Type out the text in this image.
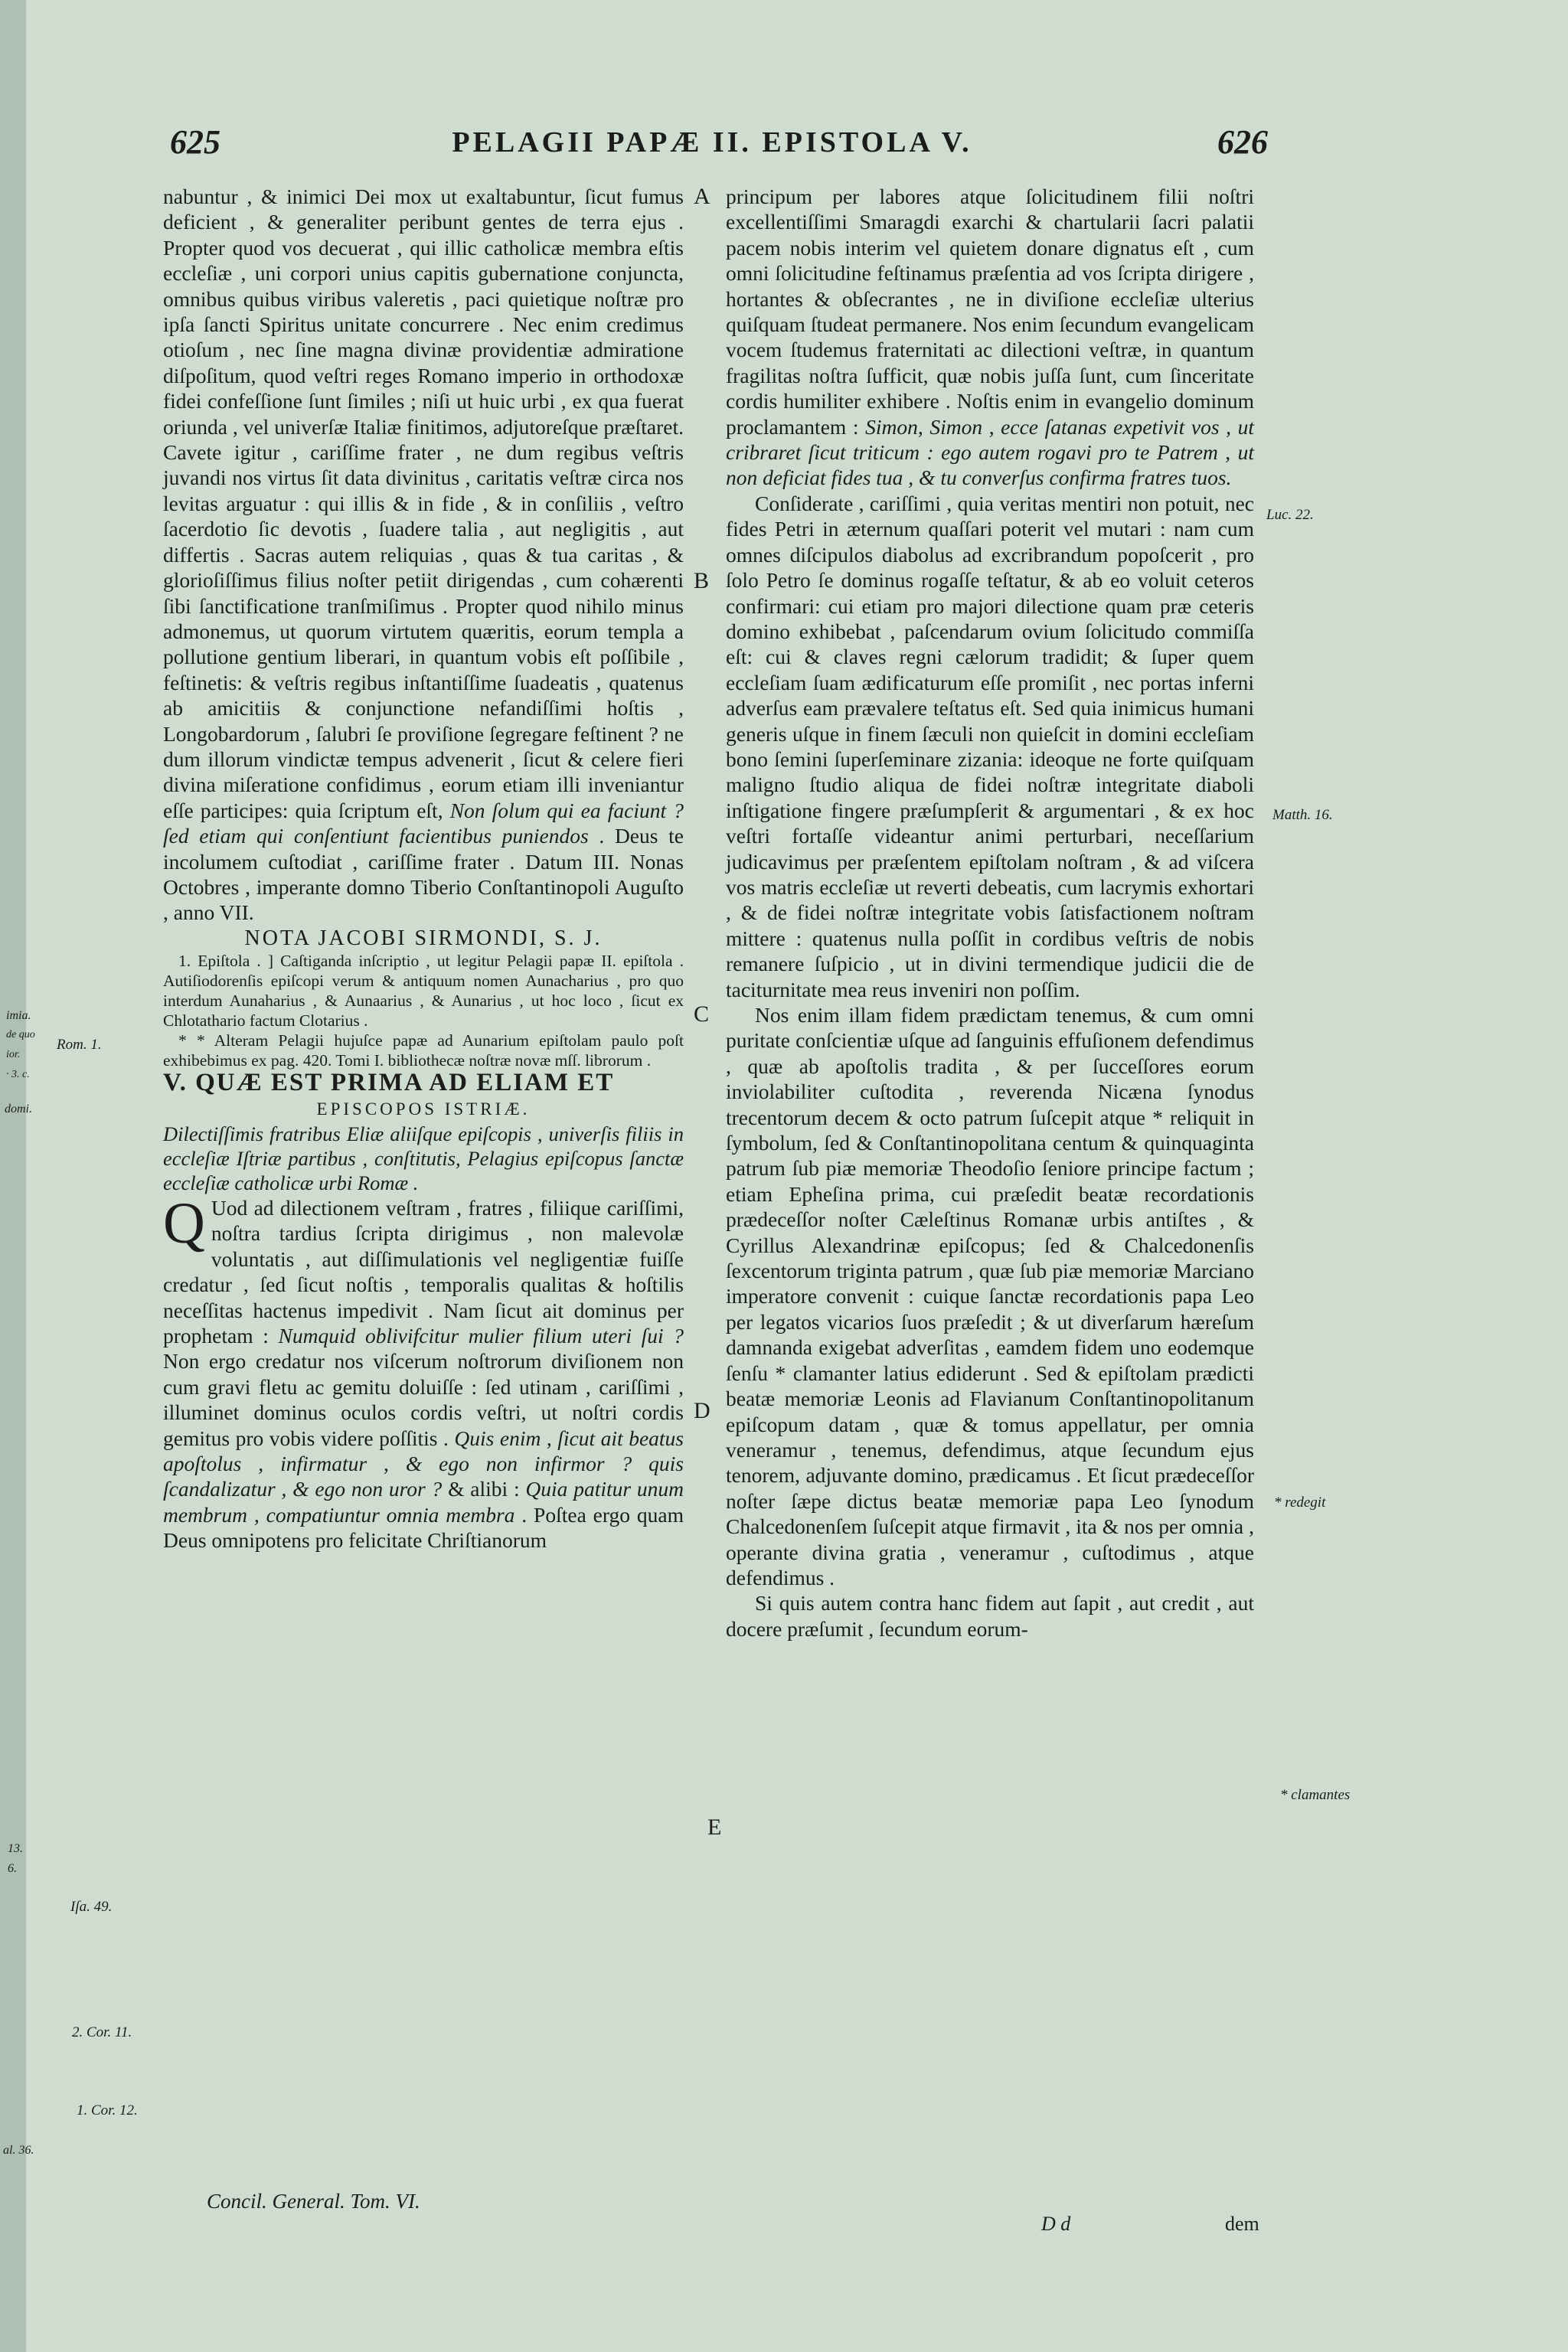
625	PELAGII PAPÆ II. EPISTOLA V.	626

nabuntur , & inimici Dei mox ut exaltabuntur, ſicut fumus deficient , & generaliter peribunt gentes de terra ejus . Propter quod vos decuerat , qui illic catholicæ membra eſtis eccleſiæ , uni corpori unius capitis gubernatione conjuncta, omnibus quibus viribus valeretis , paci quietique noſtræ pro ipſa ſancti Spiritus unitate concurrere . Nec enim credimus otioſum , nec ſine magna divinæ providentiæ admiratione diſpoſitum, quod veſtri reges Romano imperio in orthodoxæ fidei confeſſione ſunt ſimiles ; niſi ut huic urbi , ex qua fuerat oriunda , vel univerſæ Italiæ finitimos, adjutoreſque præſtaret. Cavete igitur , cariſſime frater , ne dum regibus veſtris juvandi nos virtus ſit data divinitus , caritatis veſtræ circa nos levitas arguatur : qui illis & in fide , & in conſiliis , veſtro ſacerdotio ſic devotis , ſuadere talia , aut negligitis , aut differtis . Sacras autem reliquias , quas & tua caritas , & glorioſiſſimus filius noſter petiit dirigendas , cum cohærenti ſibi ſanctificatione tranſmiſimus . Propter quod nihilo minus admonemus, ut quorum virtutem quæritis, eorum templa a pollutione gentium liberari, in quantum vobis eſt poſſibile , feſtinetis: & veſtris regibus inſtantiſſime ſuadeatis , quatenus ab amicitiis & conjunctione nefandiſſimi hoſtis , Longobardorum , ſalubri ſe proviſione ſegregare feſtinent ? ne dum illorum vindictæ tempus advenerit , ſicut & celere fieri divina miſeratione confidimus , eorum etiam illi inveniantur eſſe participes: quia ſcriptum eſt, Non ſolum qui ea faciunt ? ſed etiam qui conſentiunt facientibus puniendos . Deus te incolumem cuſtodiat , cariſſime frater . Datum III. Nonas Octobres , imperante domno Tiberio Conſtantinopoli Auguſto , anno VII.

NOTA JACOBI SIRMONDI, S. J.

1. Epiſtola . ] Caſtiganda inſcriptio , ut legitur Pelagii papæ II. epiſtola . Autiſiodorenſis epiſcopi verum & antiquum nomen Aunacharius , pro quo interdum Aunaharius , & Aunaarius , & Aunarius , ut hoc loco , ſicut ex Chlotathario factum Clotarius .

* * Alteram Pelagii hujuſce papæ ad Aunarium epiſtolam paulo poſt exhibebimus ex pag. 420. Tomi I. bibliothecæ noſtræ novæ mſſ. librorum .

V. QUÆ EST PRIMA AD ELIAM ET

EPISCOPOS ISTRIÆ.

Dilectiſſimis fratribus Eliæ aliiſque epiſcopis , univerſis filiis in eccleſiæ Iſtriæ partibus , conſtitutis, Pelagius epiſcopus ſanctæ eccleſiæ catholicæ urbi Romæ .

Q Uod ad dilectionem veſtram , fratres , filiique cariſſimi, noſtra tardius ſcripta dirigimus , non malevolæ voluntatis , aut diſſimulationis vel negligentiæ fuiſſe credatur , ſed ſicut noſtis , temporalis qualitas & hoſtilis neceſſitas hactenus impedivit . Nam ſicut ait dominus per prophetam : Numquid oblivifcitur mulier filium uteri ſui ? Non ergo credatur nos viſcerum noſtrorum diviſionem non cum gravi fletu ac gemitu doluiſſe : ſed utinam , cariſſimi , illuminet dominus oculos cordis veſtri, ut noſtri cordis gemitus pro vobis videre poſſitis . Quis enim , ſicut ait beatus apoſtolus , infirmatur , & ego non infirmor ? quis ſcandalizatur , & ego non uror ? & alibi : Quia patitur unum membrum , compatiuntur omnia membra . Poſtea ergo quam Deus omnipotens pro felicitate Chriſtianorum

principum per labores atque ſolicitudinem filii noſtri excellentiſſimi Smaragdi exarchi & chartularii ſacri palatii pacem nobis interim vel quietem donare dignatus eſt , cum omni ſolicitudine feſtinamus præſentia ad vos ſcripta dirigere , hortantes & obſecrantes , ne in diviſione eccleſiæ ulterius quiſquam ſtudeat permanere. Nos enim ſecundum evangelicam vocem ſtudemus fraternitati ac dilectioni veſtræ, in quantum fragilitas noſtra ſufficit, quæ nobis juſſa ſunt, cum ſinceritate cordis humiliter exhibere . Noſtis enim in evangelio dominum proclamantem : Simon, Simon , ecce ſatanas expetivit vos , ut cribraret ſicut triticum : ego autem rogavi pro te Patrem , ut non deficiat fides tua , & tu converſus confirma fratres tuos.

Conſiderate , cariſſimi , quia veritas mentiri non potuit, nec fides Petri in æternum quaſſari poterit vel mutari : nam cum omnes diſcipulos diabolus ad excribrandum popoſcerit , pro ſolo Petro ſe dominus rogaſſe teſtatur, & ab eo voluit ceteros confirmari: cui etiam pro majori dilectione quam præ ceteris domino exhibebat , paſcendarum ovium ſolicitudo commiſſa eſt: cui & claves regni cælorum tradidit; & ſuper quem eccleſiam ſuam ædificaturum eſſe promiſit , nec portas inferni adverſus eam prævalere teſtatus eſt. Sed quia inimicus humani generis uſque in finem ſæculi non quieſcit in domini eccleſiam bono ſemini ſuperſeminare zizania: ideoque ne forte quiſquam maligno ſtudio aliqua de fidei noſtræ integritate diaboli inſtigatione fingere præſumpſerit & argumentari , & ex hoc veſtri fortaſſe videantur animi perturbari, neceſſarium judicavimus per præſentem epiſtolam noſtram , & ad viſcera vos matris eccleſiæ ut reverti debeatis, cum lacrymis exhortari , & de fidei noſtræ integritate vobis ſatisfactionem noſtram mittere : quatenus nulla poſſit in cordibus veſtris de nobis remanere ſuſpicio , ut in divini termendique judicii die de taciturnitate mea reus inveniri non poſſim.

Nos enim illam fidem prædictam tenemus, & cum omni puritate conſcientiæ uſque ad ſanguinis effuſionem defendimus , quæ ab apoſtolis tradita , & per ſucceſſores eorum inviolabiliter cuſtodita , reverenda Nicæna ſynodus trecentorum decem & octo patrum ſuſcepit atque * reliquit in ſymbolum, ſed & Conſtantinopolitana centum & quinquaginta patrum ſub piæ memoriæ Theodoſio ſeniore principe factum ; etiam Epheſina prima, cui præſedit beatæ recordationis prædeceſſor noſter Cæleſtinus Romanæ urbis antiſtes , & Cyrillus Alexandrinæ epiſcopus; ſed & Chalcedonenſis ſexcentorum triginta patrum , quæ ſub piæ memoriæ Marciano imperatore convenit : cuique ſanctæ recordationis papa Leo per legatos vicarios ſuos præſedit ; & ut diverſarum hæreſum damnanda exigebat adverſitas , eamdem fidem uno eodemque ſenſu * clamanter latius ediderunt . Sed & epiſtolam prædicti beatæ memoriæ Leonis ad Flavianum Conſtantinopolitanum epiſcopum datam , quæ & tomus appellatur, per omnia veneramur , tenemus, defendimus, atque ſecundum ejus tenorem, adjuvante domino, prædicamus . Et ſicut prædeceſſor noſter ſæpe dictus beatæ memoriæ papa Leo ſynodum Chalcedonenſem ſuſcepit atque firmavit , ita & nos per omnia , operante divina gratia , veneramur , cuſtodimus , atque defendimus .

Si quis autem contra hanc fidem aut ſapit , aut credit , aut docere præſumit , ſecundum eorum-

Concil. General. Tom. VI.
D d	dem
A
B
C
D
E
Rom. 1.
Luc. 22.
Matth. 16.
* redegit
* clamantes
Iſa. 49.
2. Cor. 11.
1. Cor. 12.
imia.
de quo
ior.
· 3. c.
domi.
13.
6.
al. 36.
